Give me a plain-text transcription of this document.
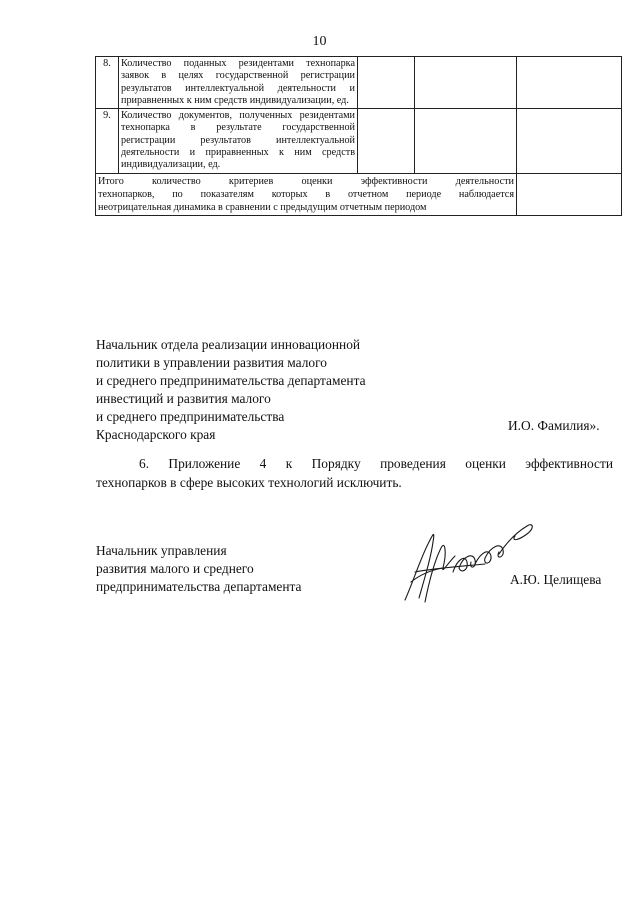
10
8.	Количество поданных резидентами технопарка заявок в целях государственной регистрации результатов интеллектуальной деятельности и приравненных к ним средств индивидуализации, ед.			
9.	Количество документов, полученных резидентами технопарка в результате государственной регистрации результатов интеллектуальной деятельности и приравненных к ним средств индивидуализации, ед.			

Итого количество критериев оценки эффективности деятельности
технопарков, по показателям которых в отчетном периоде наблюдается
неотрицательная динамика в сравнении с предыдущим отчетным периодом				

Начальник отдела реализации инновационной
политики в управлении развития малого
и среднего предпринимательства департамента
инвестиций и развития малого
и среднего предпринимательства
Краснодарского края
И.О. Фамилия».
6. Приложение 4 к Порядку проведения оценки эффективности
технопарков в сфере высоких технологий исключить.
Начальник управления
развития малого и среднего
предпринимательства департамента	А.Ю. Целищева
